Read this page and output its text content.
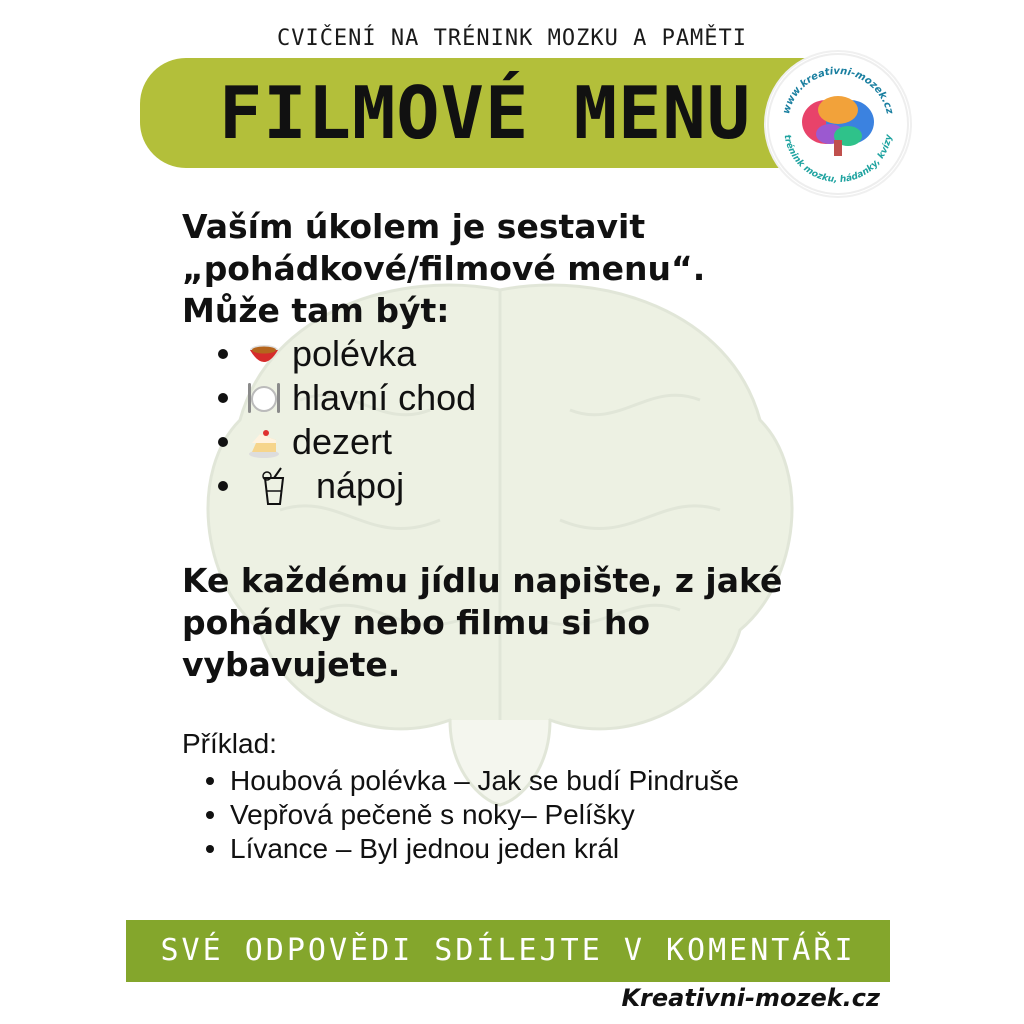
CVIČENÍ NA TRÉNINK MOZKU A PAMĚTI
FILMOVÉ MENU	www.kreativni-mozek.cz
trénink mozku, hádanky, kvízy

Vaším úkolem je sestavit

„pohádkové/filmové menu“.

Může tam být:

polévka
hlavní chod
dezert
nápoj

Ke každému jídlu napište, z jaké

pohádky nebo filmu si ho

vybavujete.

Příklad:
Houbová polévka – Jak se budí Pindruše
Vepřová pečeně s noky– Pelíšky
Lívance – Byl jednou jeden král
SVÉ ODPOVĚDI SDÍLEJTE V KOMENTÁŘI
Kreativni-mozek.cz
